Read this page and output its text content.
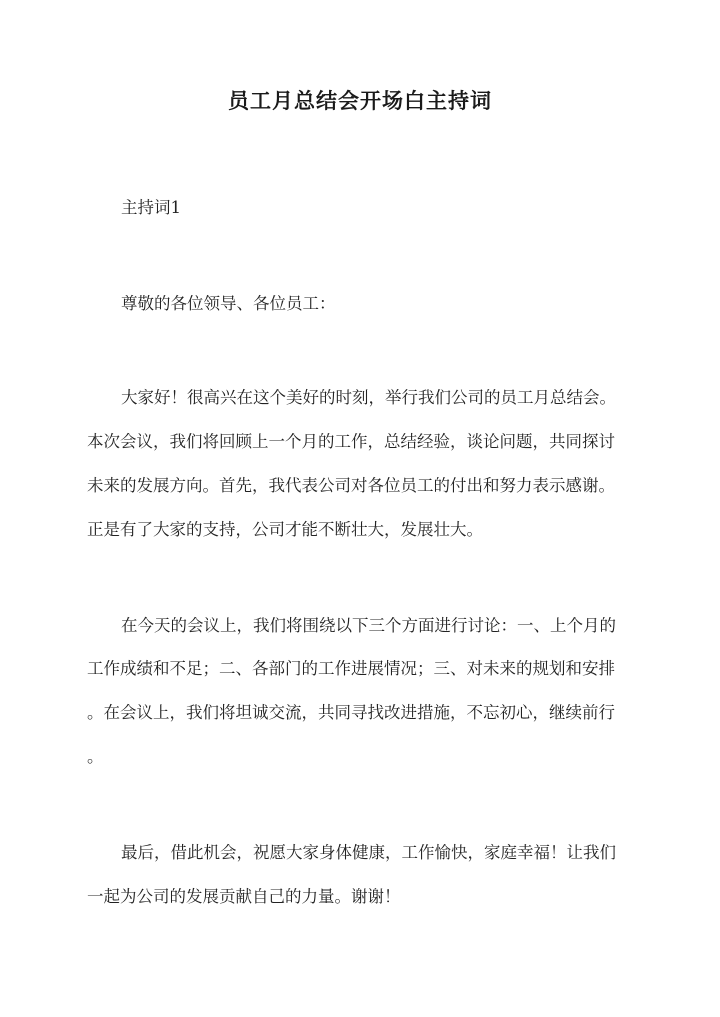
员工月总结会开场白主持词
主持词1
尊敬的各位领导、各位员工：
大家好！很高兴在这个美好的时刻，举行我们公司的员工月总结会。
本次会议，我们将回顾上一个月的工作，总结经验，谈论问题，共同探讨
未来的发展方向。首先，我代表公司对各位员工的付出和努力表示感谢。
正是有了大家的支持，公司才能不断壮大，发展壮大。
在今天的会议上，我们将围绕以下三个方面进行讨论：一、上个月的
工作成绩和不足；二、各部门的工作进展情况；三、对未来的规划和安排
。在会议上，我们将坦诚交流，共同寻找改进措施，不忘初心，继续前行
。
最后，借此机会，祝愿大家身体健康，工作愉快，家庭幸福！让我们
一起为公司的发展贡献自己的力量。谢谢！
